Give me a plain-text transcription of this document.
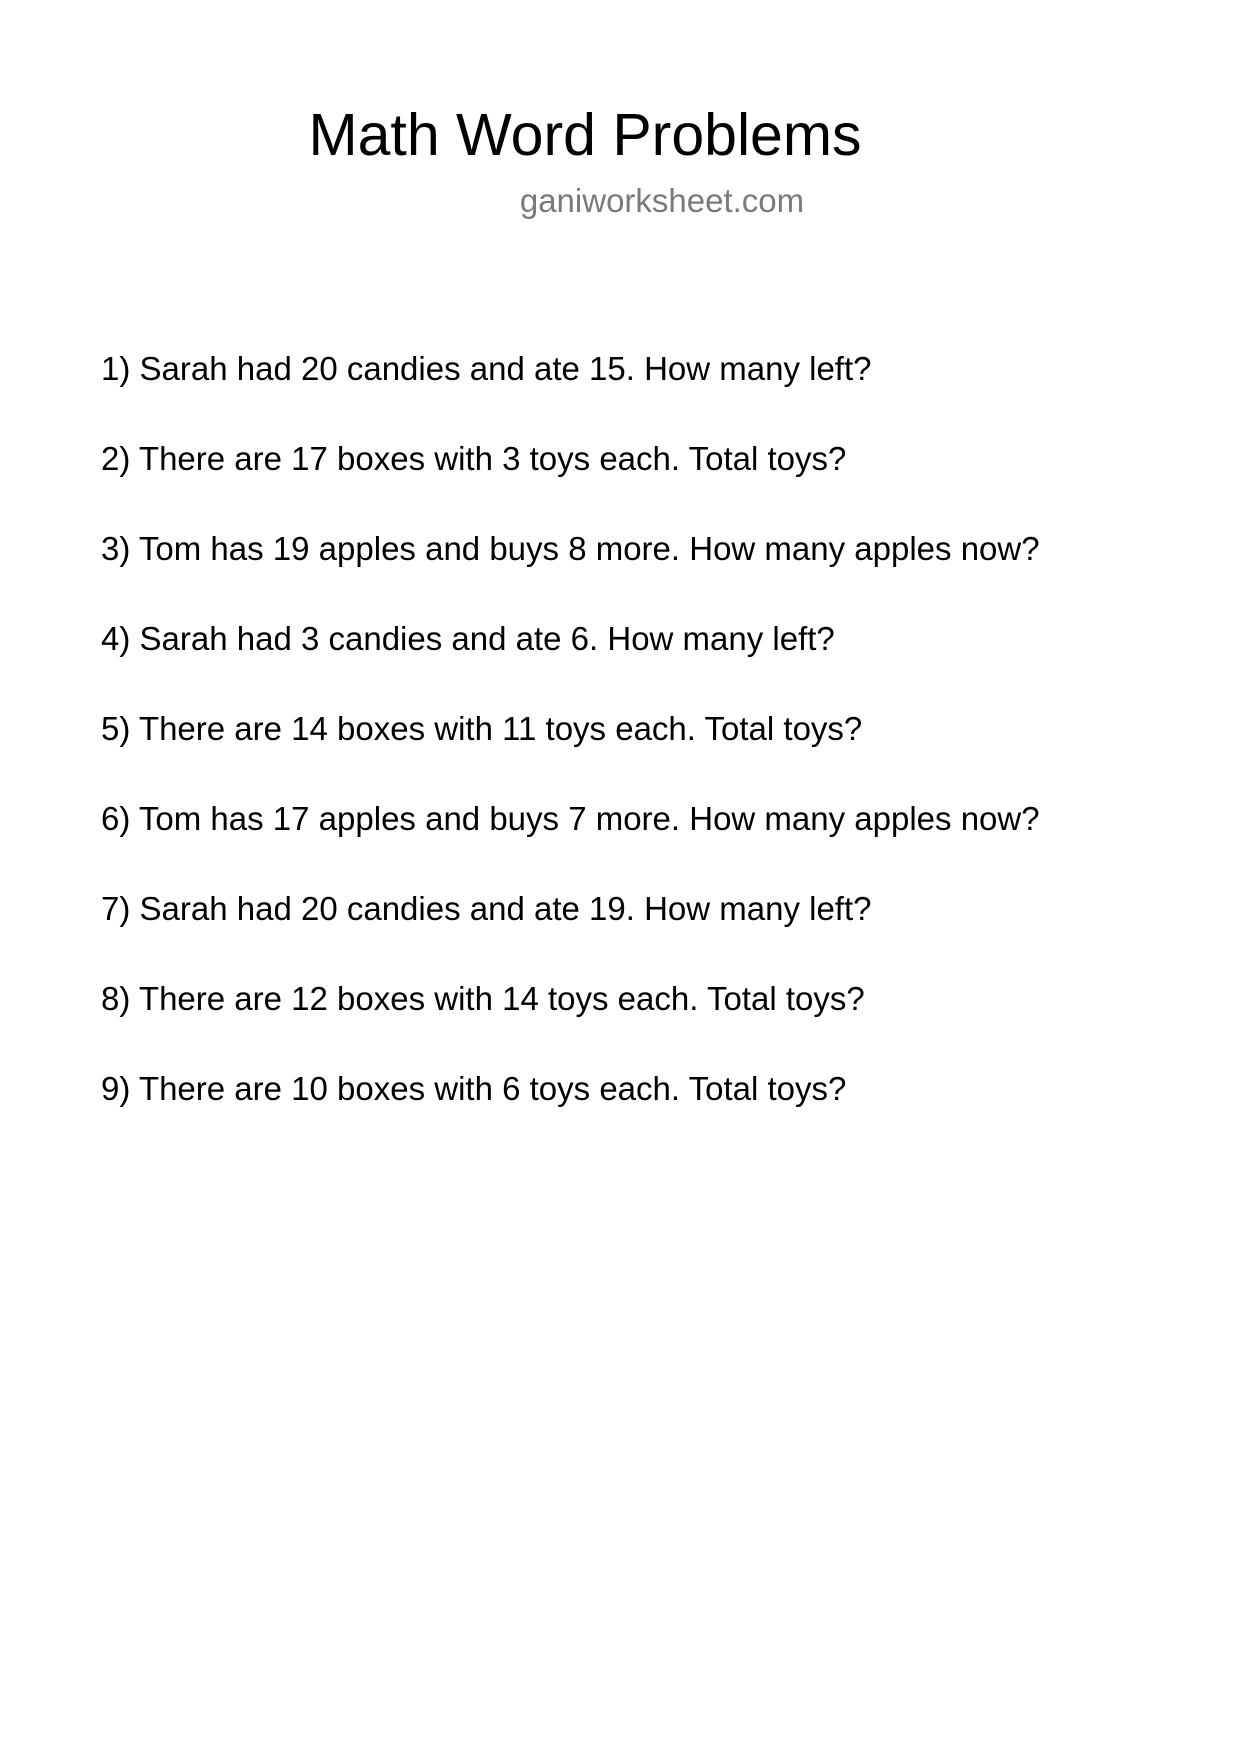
Math Word Problems
ganiworksheet.com
1) Sarah had 20 candies and ate 15. How many left?
2) There are 17 boxes with 3 toys each. Total toys?
3) Tom has 19 apples and buys 8 more. How many apples now?
4) Sarah had 3 candies and ate 6. How many left?
5) There are 14 boxes with 11 toys each. Total toys?
6) Tom has 17 apples and buys 7 more. How many apples now?
7) Sarah had 20 candies and ate 19. How many left?
8) There are 12 boxes with 14 toys each. Total toys?
9) There are 10 boxes with 6 toys each. Total toys?
